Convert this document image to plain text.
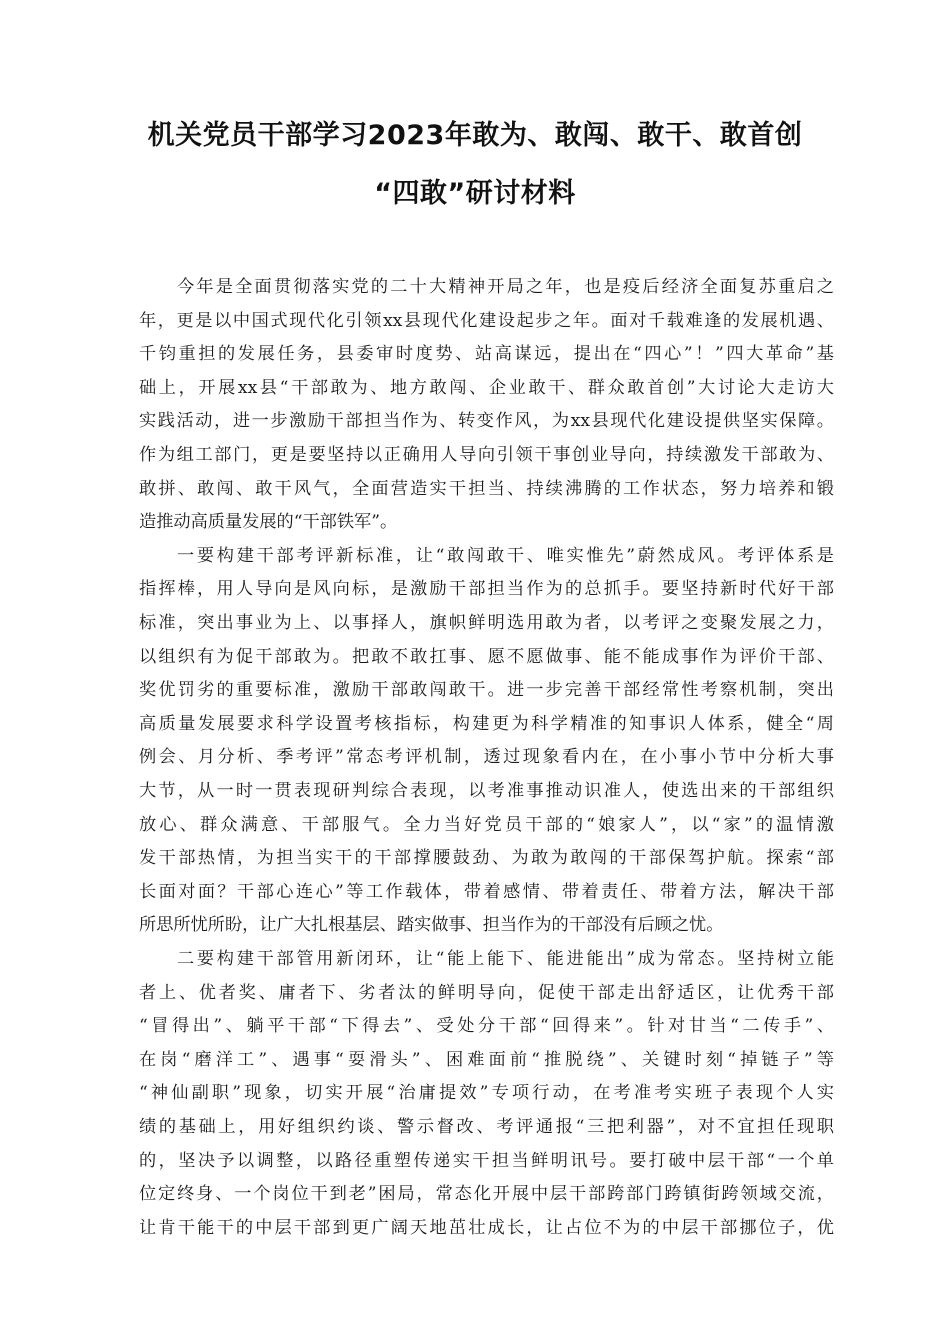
机关党员干部学习2023年敢为、敢闯、敢干、敢首创
“四敢”研讨材料
今年是全面贯彻落实党的二十大精神开局之年，也是疫后经济全面复苏重启之
年，更是以中国式现代化引领xx县现代化建设起步之年。面对千载难逢的发展机遇、
千钧重担的发展任务，县委审时度势、站高谋远，提出在“四心”！”四大革命”基
础上，开展xx县“干部敢为、地方敢闯、企业敢干、群众敢首创”大讨论大走访大
实践活动，进一步激励干部担当作为、转变作风，为xx县现代化建设提供坚实保障。
作为组工部门，更是要坚持以正确用人导向引领干事创业导向，持续激发干部敢为、
敢拼、敢闯、敢干风气，全面营造实干担当、持续沸腾的工作状态，努力培养和锻
造推动高质量发展的“干部铁军”。
一要构建干部考评新标准，让“敢闯敢干、唯实惟先”蔚然成风。考评体系是
指挥棒，用人导向是风向标，是激励干部担当作为的总抓手。要坚持新时代好干部
标准，突出事业为上、以事择人，旗帜鲜明选用敢为者，以考评之变聚发展之力，
以组织有为促干部敢为。把敢不敢扛事、愿不愿做事、能不能成事作为评价干部、
奖优罚劣的重要标准，激励干部敢闯敢干。进一步完善干部经常性考察机制，突出
高质量发展要求科学设置考核指标，构建更为科学精准的知事识人体系，健全“周
例会、月分析、季考评”常态考评机制，透过现象看内在，在小事小节中分析大事
大节，从一时一贯表现研判综合表现，以考准事推动识准人，使选出来的干部组织
放心、群众满意、干部服气。全力当好党员干部的“娘家人”，以“家”的温情激
发干部热情，为担当实干的干部撑腰鼓劲、为敢为敢闯的干部保驾护航。探索“部
长面对面？干部心连心”等工作载体，带着感情、带着责任、带着方法，解决干部
所思所忧所盼，让广大扎根基层、踏实做事、担当作为的干部没有后顾之忧。
二要构建干部管用新闭环，让“能上能下、能进能出”成为常态。坚持树立能
者上、优者奖、庸者下、劣者汰的鲜明导向，促使干部走出舒适区，让优秀干部
“冒得出”、躺平干部“下得去”、受处分干部“回得来”。针对甘当“二传手”、
在岗“磨洋工”、遇事“耍滑头”、困难面前“推脱绕”、关键时刻“掉链子”等
“神仙副职”现象，切实开展“治庸提效”专项行动，在考准考实班子表现个人实
绩的基础上，用好组织约谈、警示督改、考评通报“三把利器”，对不宜担任现职
的，坚决予以调整，以路径重塑传递实干担当鲜明讯号。要打破中层干部“一个单
位定终身、一个岗位干到老”困局，常态化开展中层干部跨部门跨镇街跨领域交流，
让肯干能干的中层干部到更广阔天地茁壮成长，让占位不为的中层干部挪位子，优
